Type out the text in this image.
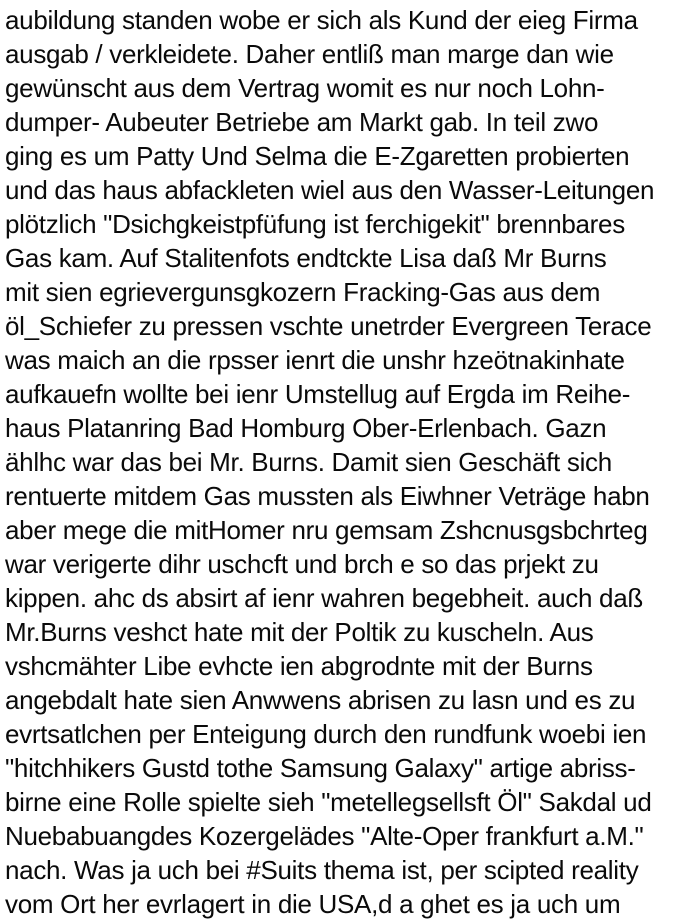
aubildung standen wobe er sich als Kund der eieg Firma
ausgab / verkleidete. Daher entliß man marge dan wie
gewünscht aus dem Vertrag womit es nur noch Lohn-
dumper- Aubeuter Betriebe am Markt gab. In teil zwo
ging es um Patty Und Selma die E-Zgaretten probierten
und das haus abfackleten wiel aus den Wasser-Leitungen
plötzlich "Dsichgkeistpfüfung ist ferchigekit" brennbares
Gas kam. Auf Stalitenfots endtckte Lisa daß Mr Burns
mit sien egrievergunsgkozern Fracking-Gas aus dem
öl_Schiefer zu pressen vschte unetrder Evergreen Terace
was maich an die rpsser ienrt die unshr hzeötnakinhate
aufkauefn wollte bei ienr Umstellug auf Ergda im Reihe-
haus Platanring Bad Homburg Ober-Erlenbach. Gazn
ählhc war das bei Mr. Burns. Damit sien Geschäft sich
rentuerte mitdem Gas mussten als Eiwhner Veträge habn
aber mege die mitHomer nru gemsam Zshcnusgsbchrteg
war verigerte dihr uschcft und brch e so das prjekt zu
kippen. ahc ds absirt af ienr wahren begebheit. auch daß
Mr.Burns veshct hate mit der Poltik zu kuscheln. Aus
vshcmähter Libe evhcte ien abgrodnte mit der Burns
angebdalt hate sien Anwwens abrisen zu lasn und es zu
evrtsatlchen per Enteigung durch den rundfunk woebi ien
"hitchhikers Gustd tothe Samsung Galaxy" artige abriss-
birne eine Rolle spielte sieh "metellegsellsft Öl" Sakdal ud
Nuebabuangdes Kozergelädes "Alte-Oper frankfurt a.M."
nach. Was ja uch bei #Suits thema ist, per scipted reality
vom Ort her evrlagert in die USA,d a ghet es ja uch um
